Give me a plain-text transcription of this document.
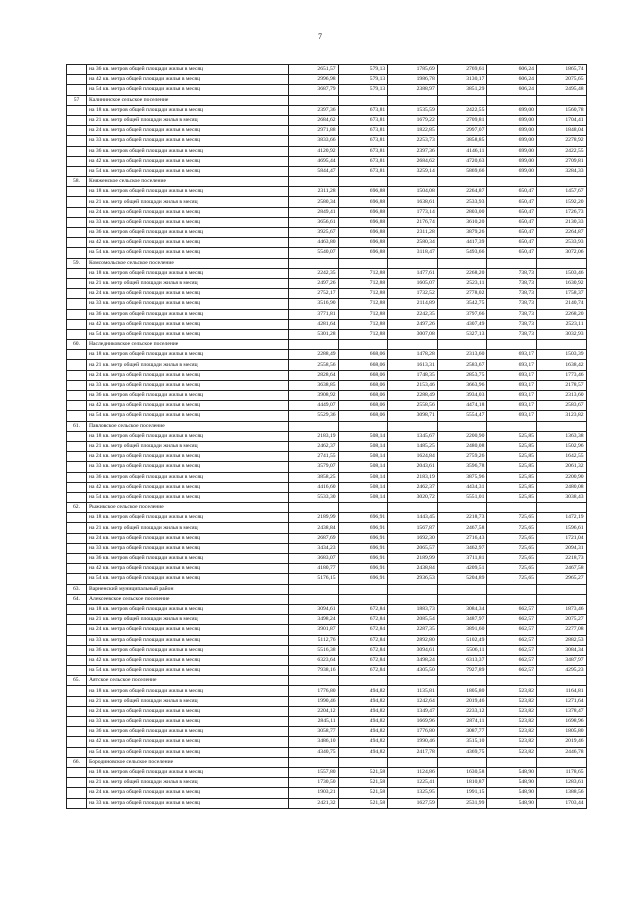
7
	на 36 кв. метров общей площади жилья в месяц	2651,57	579,13	1785,69	2769,61	606,24	1865,74
	на 42 кв. метра общей площади жилья в месяц	2996,98	579,13	1986,78	3130,17	606,24	2075,65
	на 54 кв. метра общей площади жилья в месяц	3687,79	579,13	2388,97	3851,29	606,24	2495,48
57	Калининское сельское поселение						
	на 18 кв. метров общей площади жилья в месяц	2397,36	673,81	1535,59	2422,55	699,00	1560,78
	на 21 кв. метр общей площади жилья в месяц	2684,62	673,81	1679,22	2709,81	699,00	1704,41
	на 24 кв. метра общей площади жилья в месяц	2971,88	673,81	1822,85	2997,07	699,00	1848,04
	на 33 кв. метра общей площади жилья в месяц	3833,66	673,81	2253,73	3858,85	699,00	2278,92
	на 36 кв. метров общей площади жилья в месяц	4120,92	673,81	2397,36	4146,11	699,00	2422,55
	на 42 кв. метра общей площади жилья в месяц	4695,44	673,81	2684,62	4720,63	699,00	2709,81
	на 54 кв. метра общей площади жилья в месяц	5844,47	673,81	3259,14	5869,66	699,00	3284,33
58.	Княженское сельское поселение						
	на 18 кв. метров общей площади жилья в месяц	2311,28	696,88	1504,08	2264,87	650,47	1457,67
	на 21 кв. метр общей площади жилья в месяц	2580,34	696,88	1638,61	2533,93	650,47	1592,20
	на 24 кв. метра общей площади жилья в месяц	2849,41	696,88	1773,14	2803,00	650,47	1726,73
	на 33 кв. метра общей площади жилья в месяц	3656,61	696,88	2176,74	3610,20	650,47	2130,33
	на 36 кв. метров общей площади жилья в месяц	3925,67	696,88	2311,28	3879,26	650,47	2264,87
	на 42 кв. метра общей площади жилья в месяц	4463,80	696,88	2580,34	4417,39	650,47	2533,93
	на 54 кв. метра общей площади жилья в месяц	5540,07	696,88	3118,47	5493,66	650,47	3072,06
59.	Комсомольское сельское поселение						
	на 18 кв. метров общей площади жилья в месяц	2242,35	712,88	1477,61	2268,20	738,73	1503,46
	на 21 кв. метр общей площади жилья в месяц	2497,26	712,88	1605,07	2523,11	738,73	1630,92
	на 24 кв. метра общей площади жилья в месяц	2752,17	712,88	1732,52	2778,02	738,73	1758,37
	на 33 кв. метра общей площади жилья в месяц	3516,90	712,88	2114,89	3542,75	738,73	2140,74
	на 36 кв. метров общей площади жилья в месяц	3771,81	712,88	2242,35	3797,66	738,73	2268,20
	на 42 кв. метра общей площади жилья в месяц	4281,64	712,88	2497,26	4307,49	738,73	2523,11
	на 54 кв. метра общей площади жилья в месяц	5301,28	712,88	3007,08	5327,13	738,73	3032,93
60.	Наследниковское сельское поселение						
	на 18 кв. метров общей площади жилья в месяц	2288,49	668,06	1478,28	2313,60	693,17	1503,39
	на 21 кв. метр общей площади жилья в месяц	2558,56	668,06	1613,31	2583,67	693,17	1638,42
	на 24 кв. метра общей площади жилья в месяц	2828,64	668,06	1748,35	2853,75	693,17	1773,46
	на 33 кв. метра общей площади жилья в месяц	3638,85	668,06	2153,46	3663,96	693,17	2178,57
	на 36 кв. метров общей площади жилья в месяц	3908,92	668,06	2288,49	3934,03	693,17	2313,60
	на 42 кв. метра общей площади жилья в месяц	4449,07	668,06	2558,56	4474,18	693,17	2583,67
	на 54 кв. метра общей площади жилья в месяц	5529,36	668,06	3098,71	5554,47	693,17	3123,82
61.	Павловское сельское поселение						
	на 18 кв. метров общей площади жилья в месяц	2183,19	508,14	1345,67	2200,90	525,85	1363,38
	на 21 кв. метр общей площади жилья в месяц	2462,37	508,14	1485,25	2480,08	525,85	1502,96
	на 24 кв. метра общей площади жилья в месяц	2741,55	508,14	1624,84	2759,26	525,85	1642,55
	на 33 кв. метра общей площади жилья в месяц	3579,07	508,14	2043,61	3596,78	525,85	2061,32
	на 36 кв. метров общей площади жилья в месяц	3858,25	508,14	2183,19	3875,96	525,85	2200,90
	на 42 кв. метра общей площади жилья в месяц	4416,60	508,14	2462,37	4434,31	525,85	2480,08
	на 54 кв. метра общей площади жилья в месяц	5533,30	508,14	3020,72	5551,01	525,85	3038,43
62.	Рыжикское сельское поселение						
	на 18 кв. метров общей площади жилья в месяц	2189,99	696,91	1443,45	2218,73	725,65	1472,19
	на 21 кв. метр общей площади жилья в месяц	2438,84	696,91	1567,87	2467,58	725,65	1596,61
	на 24 кв. метра общей площади жилья в месяц	2687,69	696,91	1692,30	2716,43	725,65	1721,04
	на 33 кв. метра общей площади жилья в месяц	3434,23	696,91	2065,57	3462,97	725,65	2094,31
	на 36 кв. метров общей площади жилья в месяц	3683,07	696,91	2189,99	3711,81	725,65	2218,73
	на 42 кв. метра общей площади жилья в месяц	4180,77	696,91	2438,84	4209,51	725,65	2467,58
	на 54 кв. метра общей площади жилья в месяц	5176,15	696,91	2936,53	5204,89	725,65	2965,27
63.	Варненский муниципальный район						
64.	Алексеевское сельское поселение						
	на 18 кв. метров общей площади жилья в месяц	3094,61	672,84	1883,73	3084,34	662,57	1873,46
	на 21 кв. метр общей площади жилья в месяц	3498,24	672,84	2085,54	3487,97	662,57	2075,27
	на 24 кв. метра общей площади жилья в месяц	3901,87	672,84	2287,35	3891,60	662,57	2277,08
	на 33 кв. метра общей площади жилья в месяц	5112,76	672,84	2892,80	5102,49	662,57	2882,53
	на 36 кв. метров общей площади жилья в месяц	5516,38	672,84	3094,61	5506,11	662,57	3084,34
	на 42 кв. метра общей площади жилья в месяц	6323,64	672,84	3498,24	6313,37	662,57	3487,97
	на 54 кв. метра общей площади жилья в месяц	7938,16	672,84	4305,50	7927,89	662,57	4295,23
65.	Аятское сельское поселение						
	на 18 кв. метров общей площади жилья в месяц	1776,80	494,82	1135,81	1805,80	523,82	1164,81
	на 21 кв. метр общей площади жилья в месяц	1990,46	494,82	1242,64	2019,46	523,82	1271,64
	на 24 кв. метра общей площади жилья в месяц	2204,12	494,82	1349,47	2233,12	523,82	1378,47
	на 33 кв. метра общей площади жилья в месяц	2845,11	494,82	1669,96	2874,11	523,82	1698,96
	на 36 кв. метров общей площади жилья в месяц	3058,77	494,82	1776,80	3087,77	523,82	1805,80
	на 42 кв. метра общей площади жилья в месяц	3486,10	494,82	1990,46	3515,10	523,82	2019,46
	на 54 кв. метра общей площади жилья в месяц	4340,75	494,82	2417,78	4369,75	523,82	2446,78
66.	Бородиновское сельское поселение						
	на 18 кв. метров общей площади жилья в месяц	1557,80	521,58	1124,86	1630,58	548,90	1178,65
	на 21 кв. метр общей площади жилья в месяц	1730,50	521,58	1225,41	1810,87	548,90	1283,61
	на 24 кв. метра общей площади жилья в месяц	1903,21	521,58	1325,95	1991,15	548,90	1388,56
	на 33 кв. метра общей площади жилья в месяц	2421,32	521,58	1627,59	2531,99	548,90	1703,44
